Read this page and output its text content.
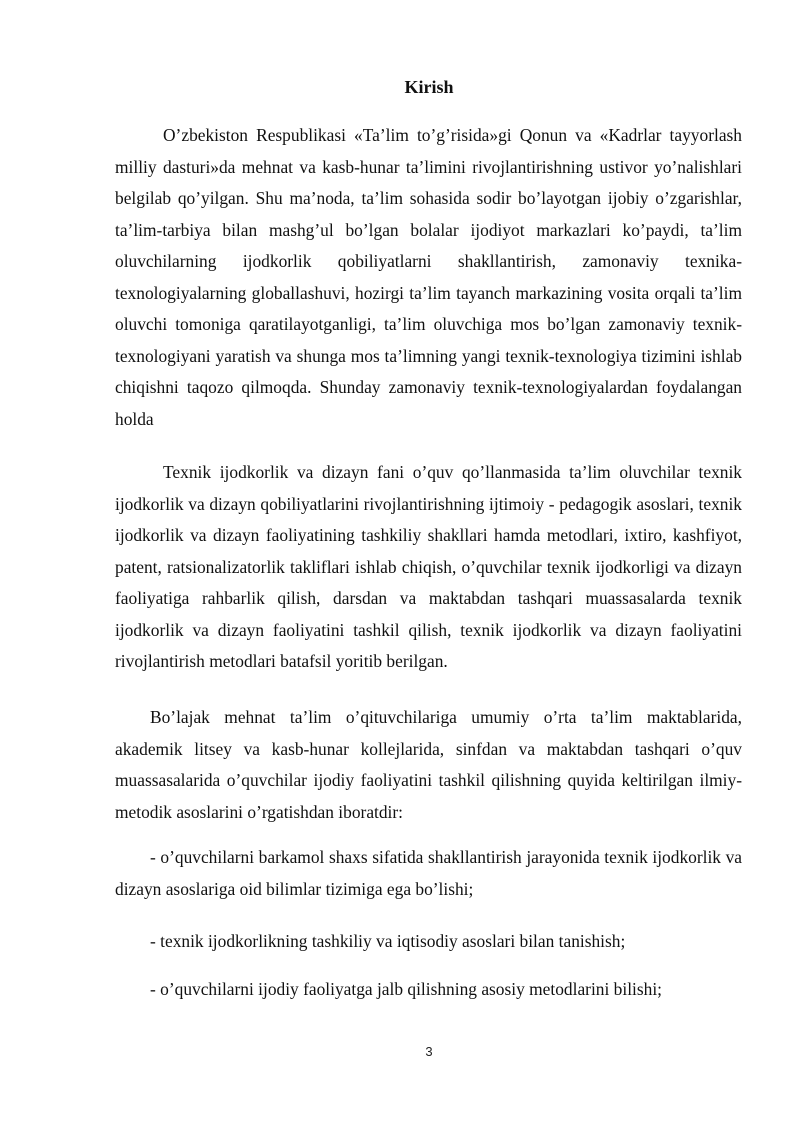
Kirish

O’zbekiston Respublikasi «Ta’lim to’g’risida»gi Qonun va «Kadrlar tayyorlash milliy dasturi»da mehnat va kasb-hunar ta’limini rivojlantirishning ustivor yo’nalishlari belgilab qo’yilgan. Shu ma’noda, ta’lim sohasida sodir bo’layotgan ijobiy o’zgarishlar, ta’lim-tarbiya bilan mashg’ul bo’lgan bolalar ijodiyot markazlari ko’paydi, ta’lim oluvchilarning ijodkorlik qobiliyatlarni shakllantirish, zamonaviy texnika-texnologiyalarning globallashuvi, hozirgi ta’lim tayanch markazining vosita orqali ta’lim oluvchi tomoniga qaratilayotganligi, ta’lim oluvchiga mos bo’lgan zamonaviy texnik-texnologiyani yaratish va shunga mos ta’limning yangi texnik-texnologiya tizimini ishlab chiqishni taqozo qilmoqda. Shunday zamonaviy texnik-texnologiyalardan foydalangan holda

Texnik ijodkorlik va dizayn fani o’quv qo’llanmasida ta’lim oluvchilar texnik ijodkorlik va dizayn qobiliyatlarini rivojlantirishning ijtimoiy - pedagogik asoslari, texnik ijodkorlik va dizayn faoliyatining tashkiliy shakllari hamda metodlari, ixtiro, kashfiyot, patent, ratsionalizatorlik takliflari ishlab chiqish, o’quvchilar texnik ijodkorligi va dizayn faoliyatiga rahbarlik qilish, darsdan va maktabdan tashqari muassasalarda texnik ijodkorlik va dizayn faoliyatini tashkil qilish, texnik ijodkorlik va dizayn faoliyatini rivojlantirish metodlari batafsil yoritib berilgan.

Bo’lajak mehnat ta’lim o’qituvchilariga umumiy o’rta ta’lim maktablarida, akademik litsey va kasb-hunar kollejlarida, sinfdan va maktabdan tashqari o’quv muassasalarida o’quvchilar ijodiy faoliyatini tashkil qilishning quyida keltirilgan ilmiy-metodik asoslarini o’rgatishdan iboratdir:

- o’quvchilarni barkamol shaxs sifatida shakllantirish jarayonida texnik ijodkorlik va dizayn asoslariga oid bilimlar tizimiga ega bo’lishi;

- texnik ijodkorlikning tashkiliy va iqtisodiy asoslari bilan tanishish;

- o’quvchilarni ijodiy faoliyatga jalb qilishning asosiy metodlarini bilishi;

3
